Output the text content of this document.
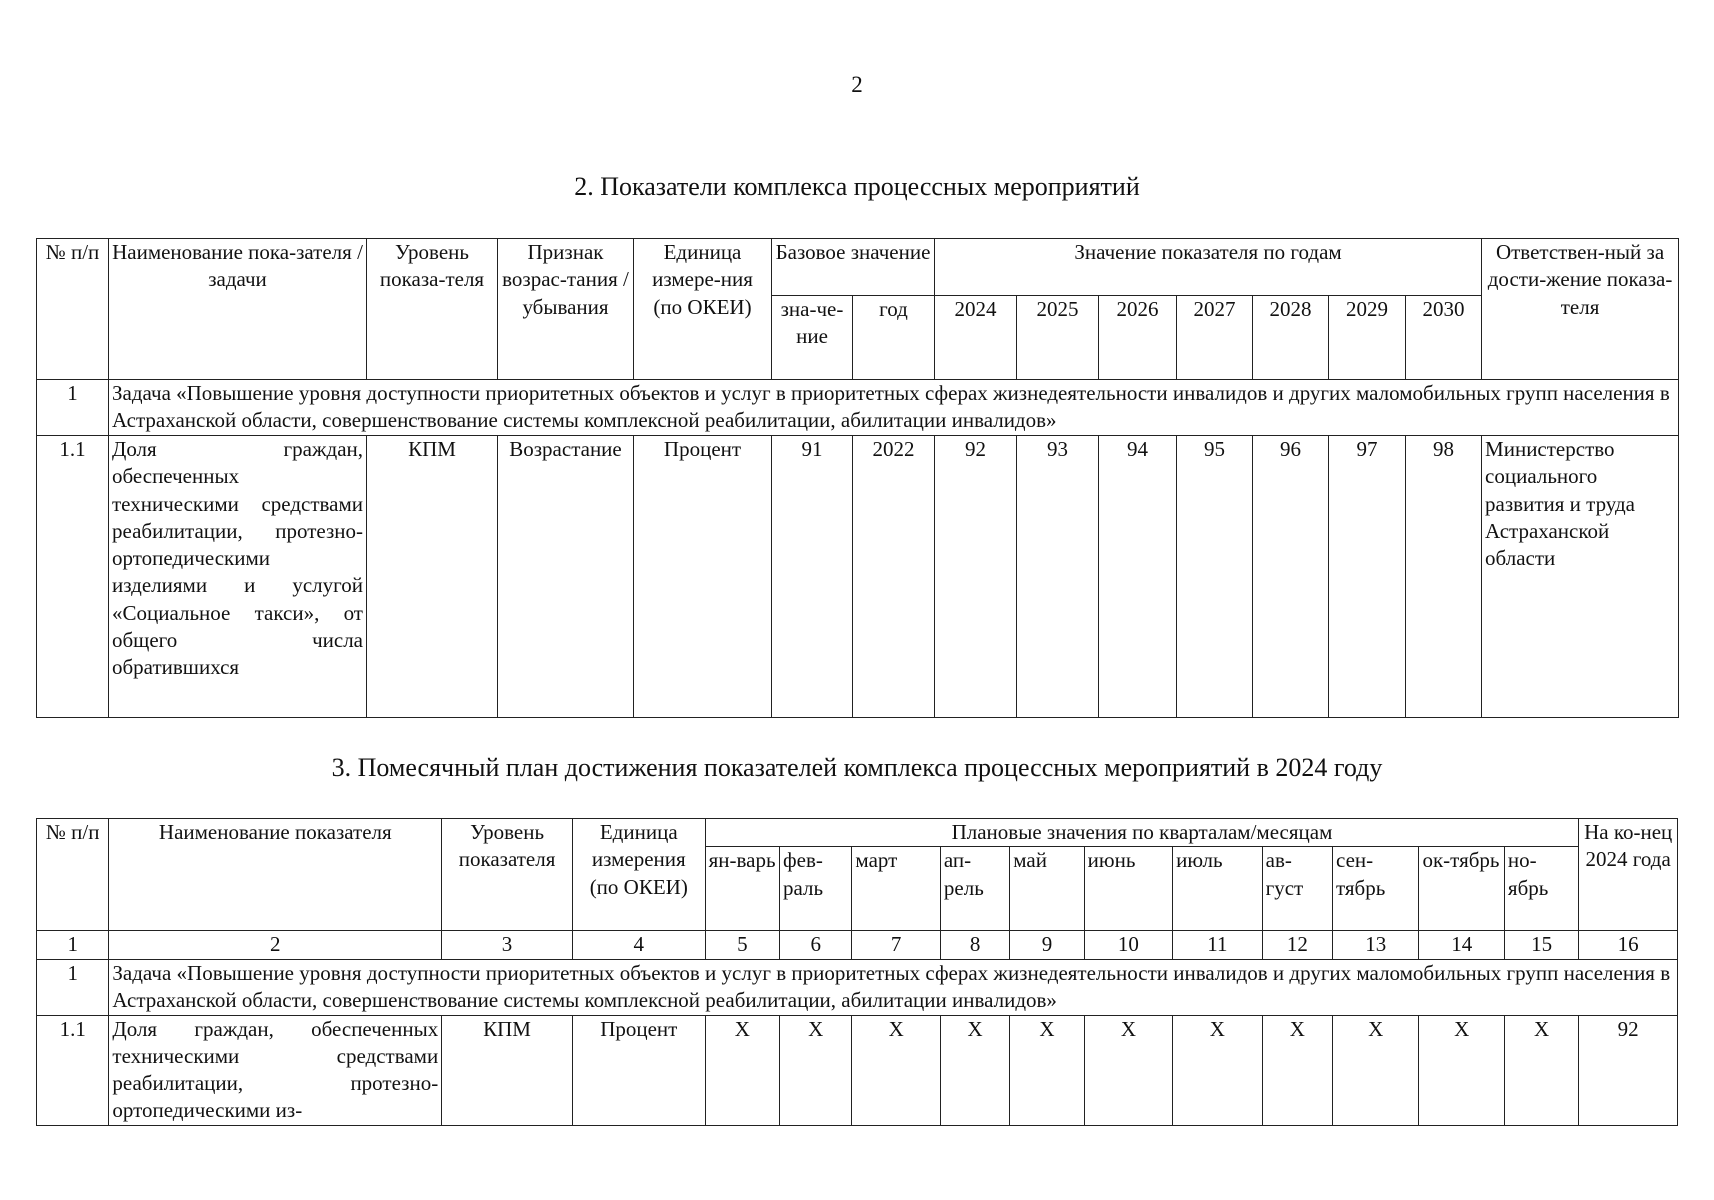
2
2. Показатели комплекса процессных мероприятий
№ п/п	Наименование пока-зателя / задачи	Уровень показа-теля	Признак возрас-тания / убывания	Единица измере-ния (по ОКЕИ)	Базовое значение		Значение показателя по годам							Ответствен-ный за дости-жение показа-теля
					зна-че-ние	год	2024	2025	2026	2027	2028	2029	2030	
1	Задача «Повышение уровня доступности приоритетных объектов и услуг в приоритетных сферах жизнедеятельности инвалидов и других маломобильных групп населения в Астраханской области, совершенствование системы комплексной реабилитации, абилитации инвалидов»													
1.1	Доля граждан, обеспеченных техническими средствами реабилитации, протезно-ортопедическими изделиями и услугой «Социальное такси», от общего числа обратившихся	КПМ	Возрастание	Процент	91	2022	92	93	94	95	96	97	98	Министерство социального развития и труда Астраханской области
3. Помесячный план достижения показателей комплекса процессных мероприятий в 2024 году
№ п/п	Наименование показателя	Уровень показателя	Единица измерения (по ОКЕИ)	Плановые значения по кварталам/месяцам											На ко-нец 2024 года
				ян-варь	фев-раль	март	ап-рель	май	июнь	июль	ав-густ	сен-тябрь	ок-тябрь	но-ябрь	
1	2	3	4	5	6	7	8	9	10	11	12	13	14	15	16
1	Задача «Повышение уровня доступности приоритетных объектов и услуг в приоритетных сферах жизнедеятельности инвалидов и других маломобильных групп населения в Астраханской области, совершенствование системы комплексной реабилитации, абилитации инвалидов»														
1.1	Доля граждан, обеспеченных техническими средствами реабилитации, протезно-ортопедическими из-	КПМ	Процент	X	X	X	X	X	X	X	X	X	X	X	92
